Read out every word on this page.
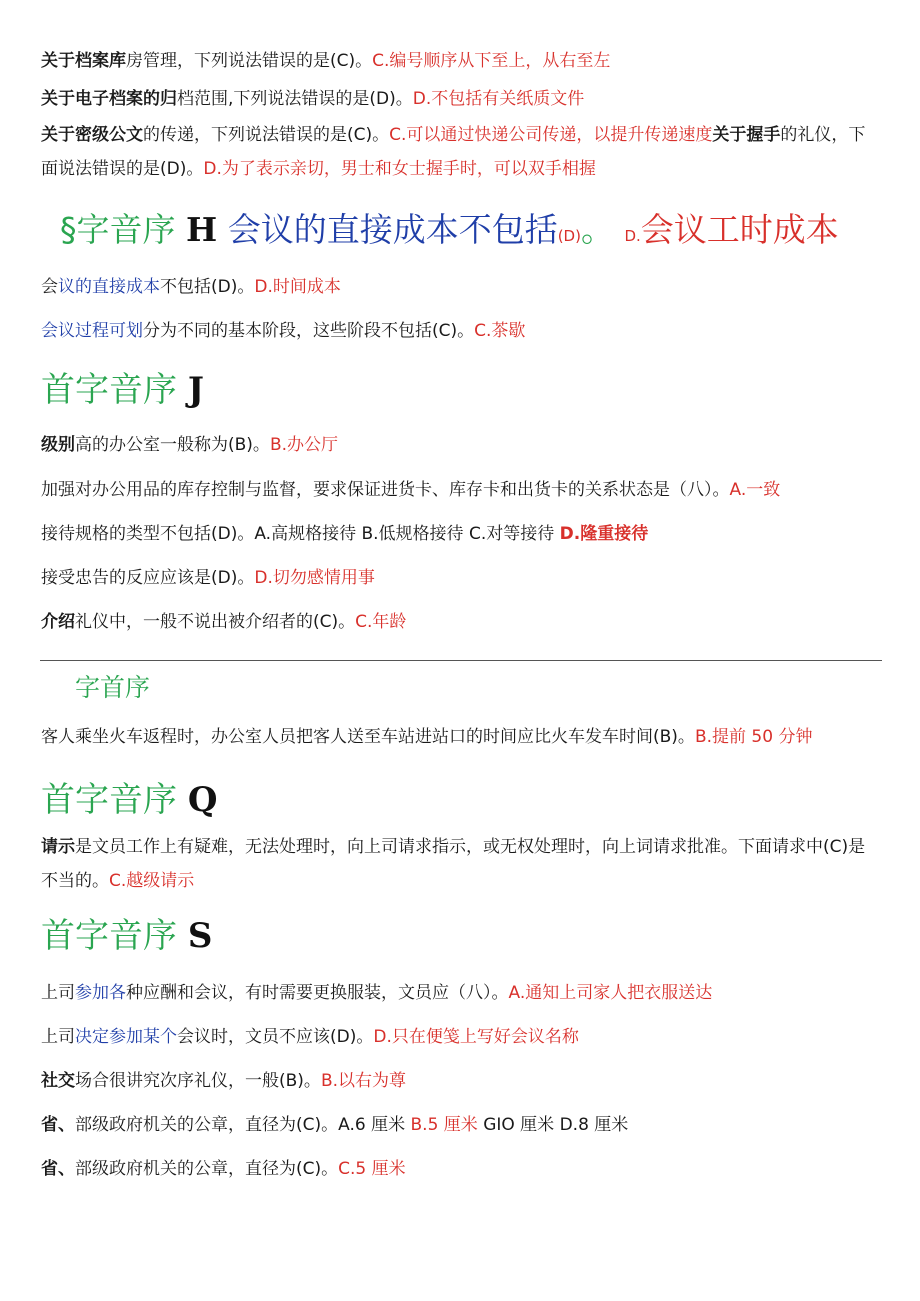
关于档案库房管理，下列说法错误的是(C)。C.编号顺序从下至上，从右至左
关于电子档案的归档范围,下列说法错误的是(D)。D.不包括有关纸质文件
关于密级公文的传递，下列说法错误的是(C)。C.可以通过快递公司传递，以提升传递速度关于握手的礼仪，下面说法错误的是(D)。D.为了表示亲切，男士和女士握手时，可以双手相握
§字音序 H 会议的直接成本不包括(D)。 D.会议工时成本
会议的直接成本不包括(D)。D.时间成本
会议过程可划分为不同的基本阶段，这些阶段不包括(C)。C.茶歇
首字音序 J
级别高的办公室一般称为(B)。B.办公厅
加强对办公用品的库存控制与监督，要求保证进货卡、库存卡和出货卡的关系状态是（八）。A.一致
接待规格的类型不包括(D)。A.高规格接待 B.低规格接待 C.对等接待 D.隆重接待
接受忠告的反应应该是(D)。D.切勿感情用事
介绍礼仪中，一般不说出被介绍者的(C)。C.年龄
字首序
客人乘坐火车返程时，办公室人员把客人送至车站进站口的时间应比火车发车时间(B)。B.提前 50 分钟
首字音序 Q
请示是文员工作上有疑难，无法处理时，向上司请求指示，或无权处理时，向上词请求批准。下面请求中(C)是不当的。C.越级请示
首字音序 S
上司参加各种应酬和会议，有时需要更换服装，文员应（八）。A.通知上司家人把衣服送达
上司决定参加某个会议时，文员不应该(D)。D.只在便笺上写好会议名称
社交场合很讲究次序礼仪，一般(B)。B.以右为尊
省、部级政府机关的公章，直径为(C)。A.6 厘米 B.5 厘米 GIO 厘米 D.8 厘米
省、部级政府机关的公章，直径为(C)。C.5 厘米
